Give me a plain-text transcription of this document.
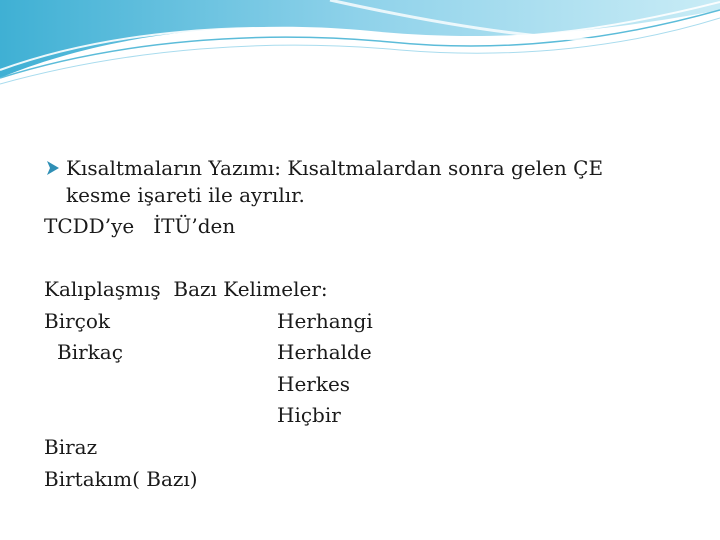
Kısaltmaların Yazımı: Kısaltmalardan sonra gelen ÇE
kesme işareti ile ayrılır.
TCDD’ye   İTÜ’den
Kalıplaşmış  Bazı Kelimeler:
Birçok	Herhangi
Birkaç	Herhalde
Herkes
Hiçbir
Biraz
Birtakım( Bazı)
